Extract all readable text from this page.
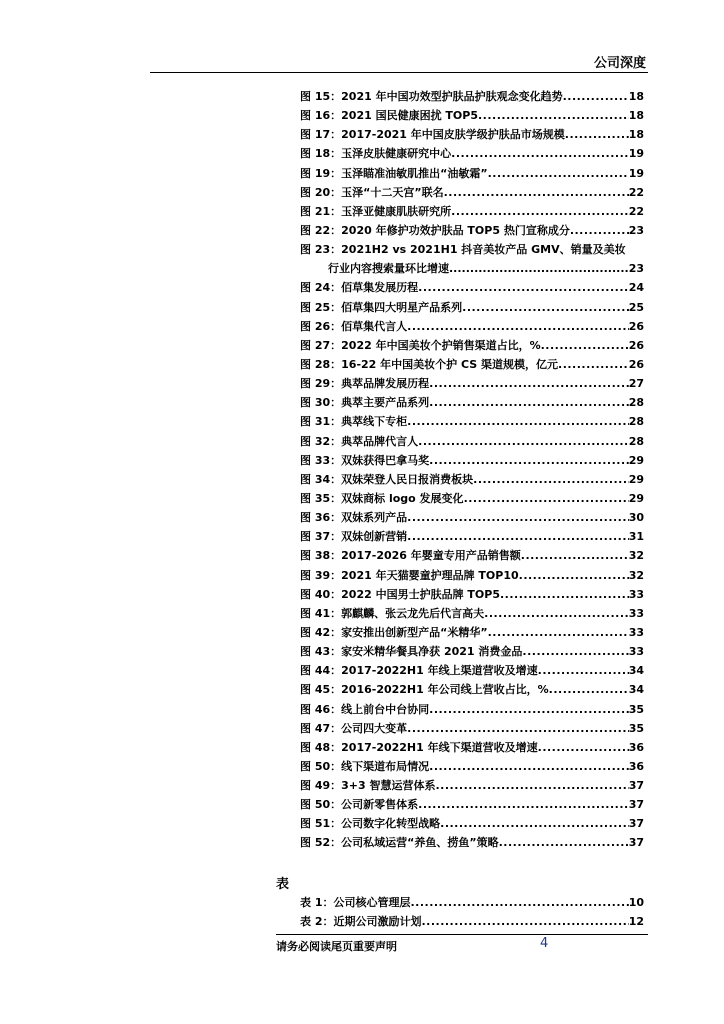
公司深度
图 15： 2021 年中国功效型护肤品护肤观念变化趋势 .....	18
图 16： 2021 国民健康困扰 TOP5 .....	18
图 17： 2017-2021 年中国皮肤学级护肤品市场规模 .....	18
图 18： 玉泽皮肤健康研究中心 .....	19
图 19： 玉泽瞄准油敏肌推出“油敏霜” .....	19
图 20： 玉泽“十二天宫”联名 .....	22
图 21： 玉泽亚健康肌肤研究所 .....	22
图 22： 2020 年修护功效护肤品 TOP5 热门宣称成分 .....	23
图 23： 2021H2 vs 2021H1 抖音美妆产品 GMV、销量及美妆
行业内容搜索量环比增速 .....	23
图 24： 佰草集发展历程 .....	24
图 25： 佰草集四大明星产品系列 .....	25
图 26： 佰草集代言人 .....	26
图 27： 2022 年中国美妆个护销售渠道占比，% .....	26
图 28： 16-22 年中国美妆个护 CS 渠道规模，亿元 .....	26
图 29： 典萃品牌发展历程 .....	27
图 30： 典萃主要产品系列 .....	28
图 31： 典萃线下专柜 .....	28
图 32： 典萃品牌代言人 .....	28
图 33： 双妹获得巴拿马奖 .....	29
图 34： 双妹荣登人民日报消费板块 .....	29
图 35： 双妹商标 logo 发展变化 .....	29
图 36： 双妹系列产品 .....	30
图 37： 双妹创新营销 .....	31
图 38： 2017-2026 年婴童专用产品销售额 .....	32
图 39： 2021 年天猫婴童护理品牌 TOP10 .....	32
图 40： 2022 中国男士护肤品牌 TOP5 .....	33
图 41： 郭麒麟、张云龙先后代言高夫 .....	33
图 42： 家安推出创新型产品“米精华” .....	33
图 43： 家安米精华餐具净获 2021 消费金品 .....	33
图 44： 2017-2022H1 年线上渠道营收及增速 .....	34
图 45： 2016-2022H1 年公司线上营收占比，% .....	34
图 46： 线上前台中台协同 .....	35
图 47： 公司四大变革 .....	35
图 48： 2017-2022H1 年线下渠道营收及增速 .....	36
图 50： 线下渠道布局情况 .....	36
图 49： 3+3 智慧运营体系 .....	37
图 50： 公司新零售体系 .....	37
图 51： 公司数字化转型战略 .....	37
图 52： 公司私域运营“养鱼、捞鱼”策略 .....	37
表
表 1： 公司核心管理层 .....	10
表 2： 近期公司激励计划 .....	12
请务必阅读尾页重要声明	4
